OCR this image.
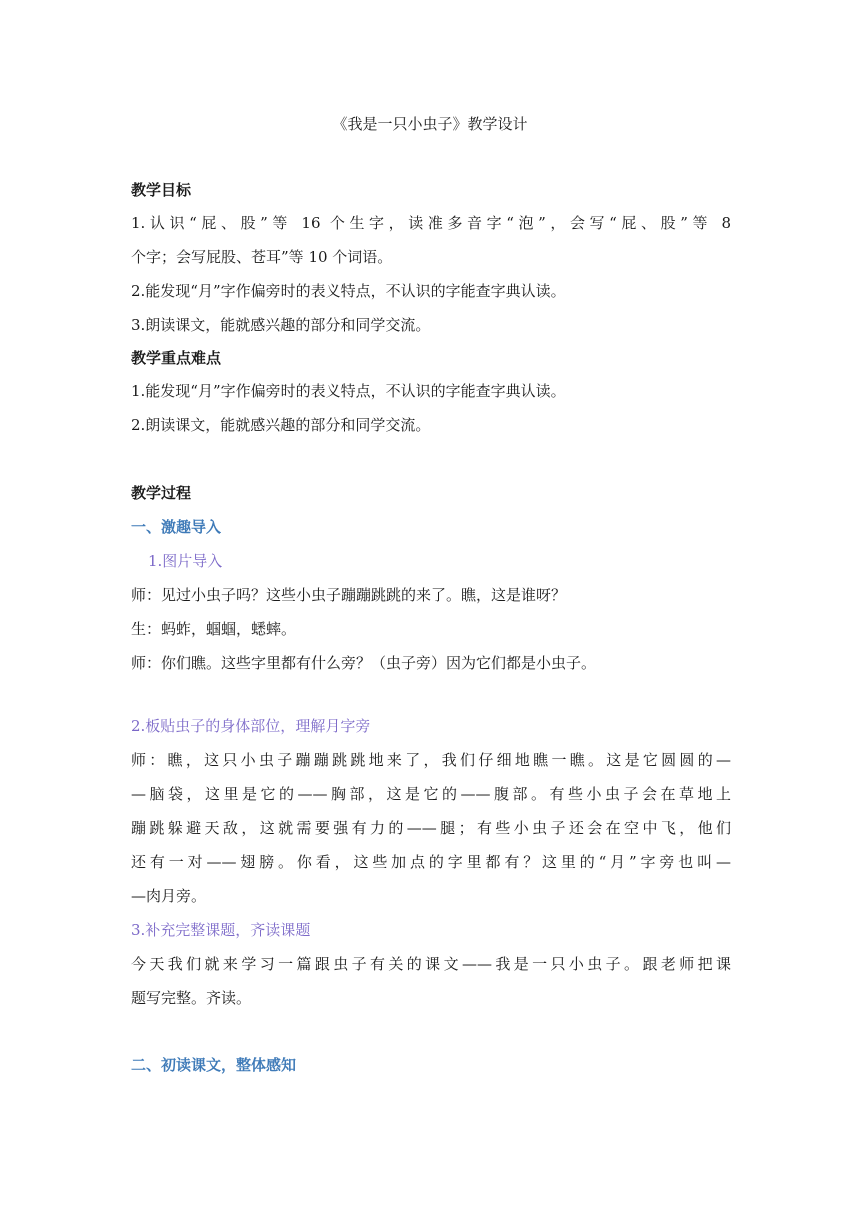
《我是一只小虫子》教学设计
教学目标
1.认识“屁、股”等 16 个生字，读准多音字“泡”，会写“屁、股”等 8
个字；会写屁股、苍耳”等 10 个词语。
2.能发现“月”字作偏旁时的表义特点，不认识的字能查字典认读。
3.朗读课文，能就感兴趣的部分和同学交流。
教学重点难点
1.能发现“月”字作偏旁时的表义特点，不认识的字能查字典认读。
2.朗读课文，能就感兴趣的部分和同学交流。
教学过程
一、激趣导入
1.图片导入
师：见过小虫子吗？这些小虫子蹦蹦跳跳的来了。瞧，这是谁呀？
生：蚂蚱，蝈蝈，蟋蟀。
师：你们瞧。这些字里都有什么旁？（虫子旁）因为它们都是小虫子。
2.板贴虫子的身体部位，理解月字旁
师：瞧，这只小虫子蹦蹦跳跳地来了，我们仔细地瞧一瞧。这是它圆圆的—
—脑袋，这里是它的——胸部，这是它的——腹部。有些小虫子会在草地上
蹦跳躲避天敌，这就需要强有力的——腿；有些小虫子还会在空中飞，他们
还有一对——翅膀。你看，这些加点的字里都有？这里的“月”字旁也叫—
—肉月旁。
3.补充完整课题，齐读课题
今天我们就来学习一篇跟虫子有关的课文——我是一只小虫子。跟老师把课
题写完整。齐读。
二、初读课文，整体感知
